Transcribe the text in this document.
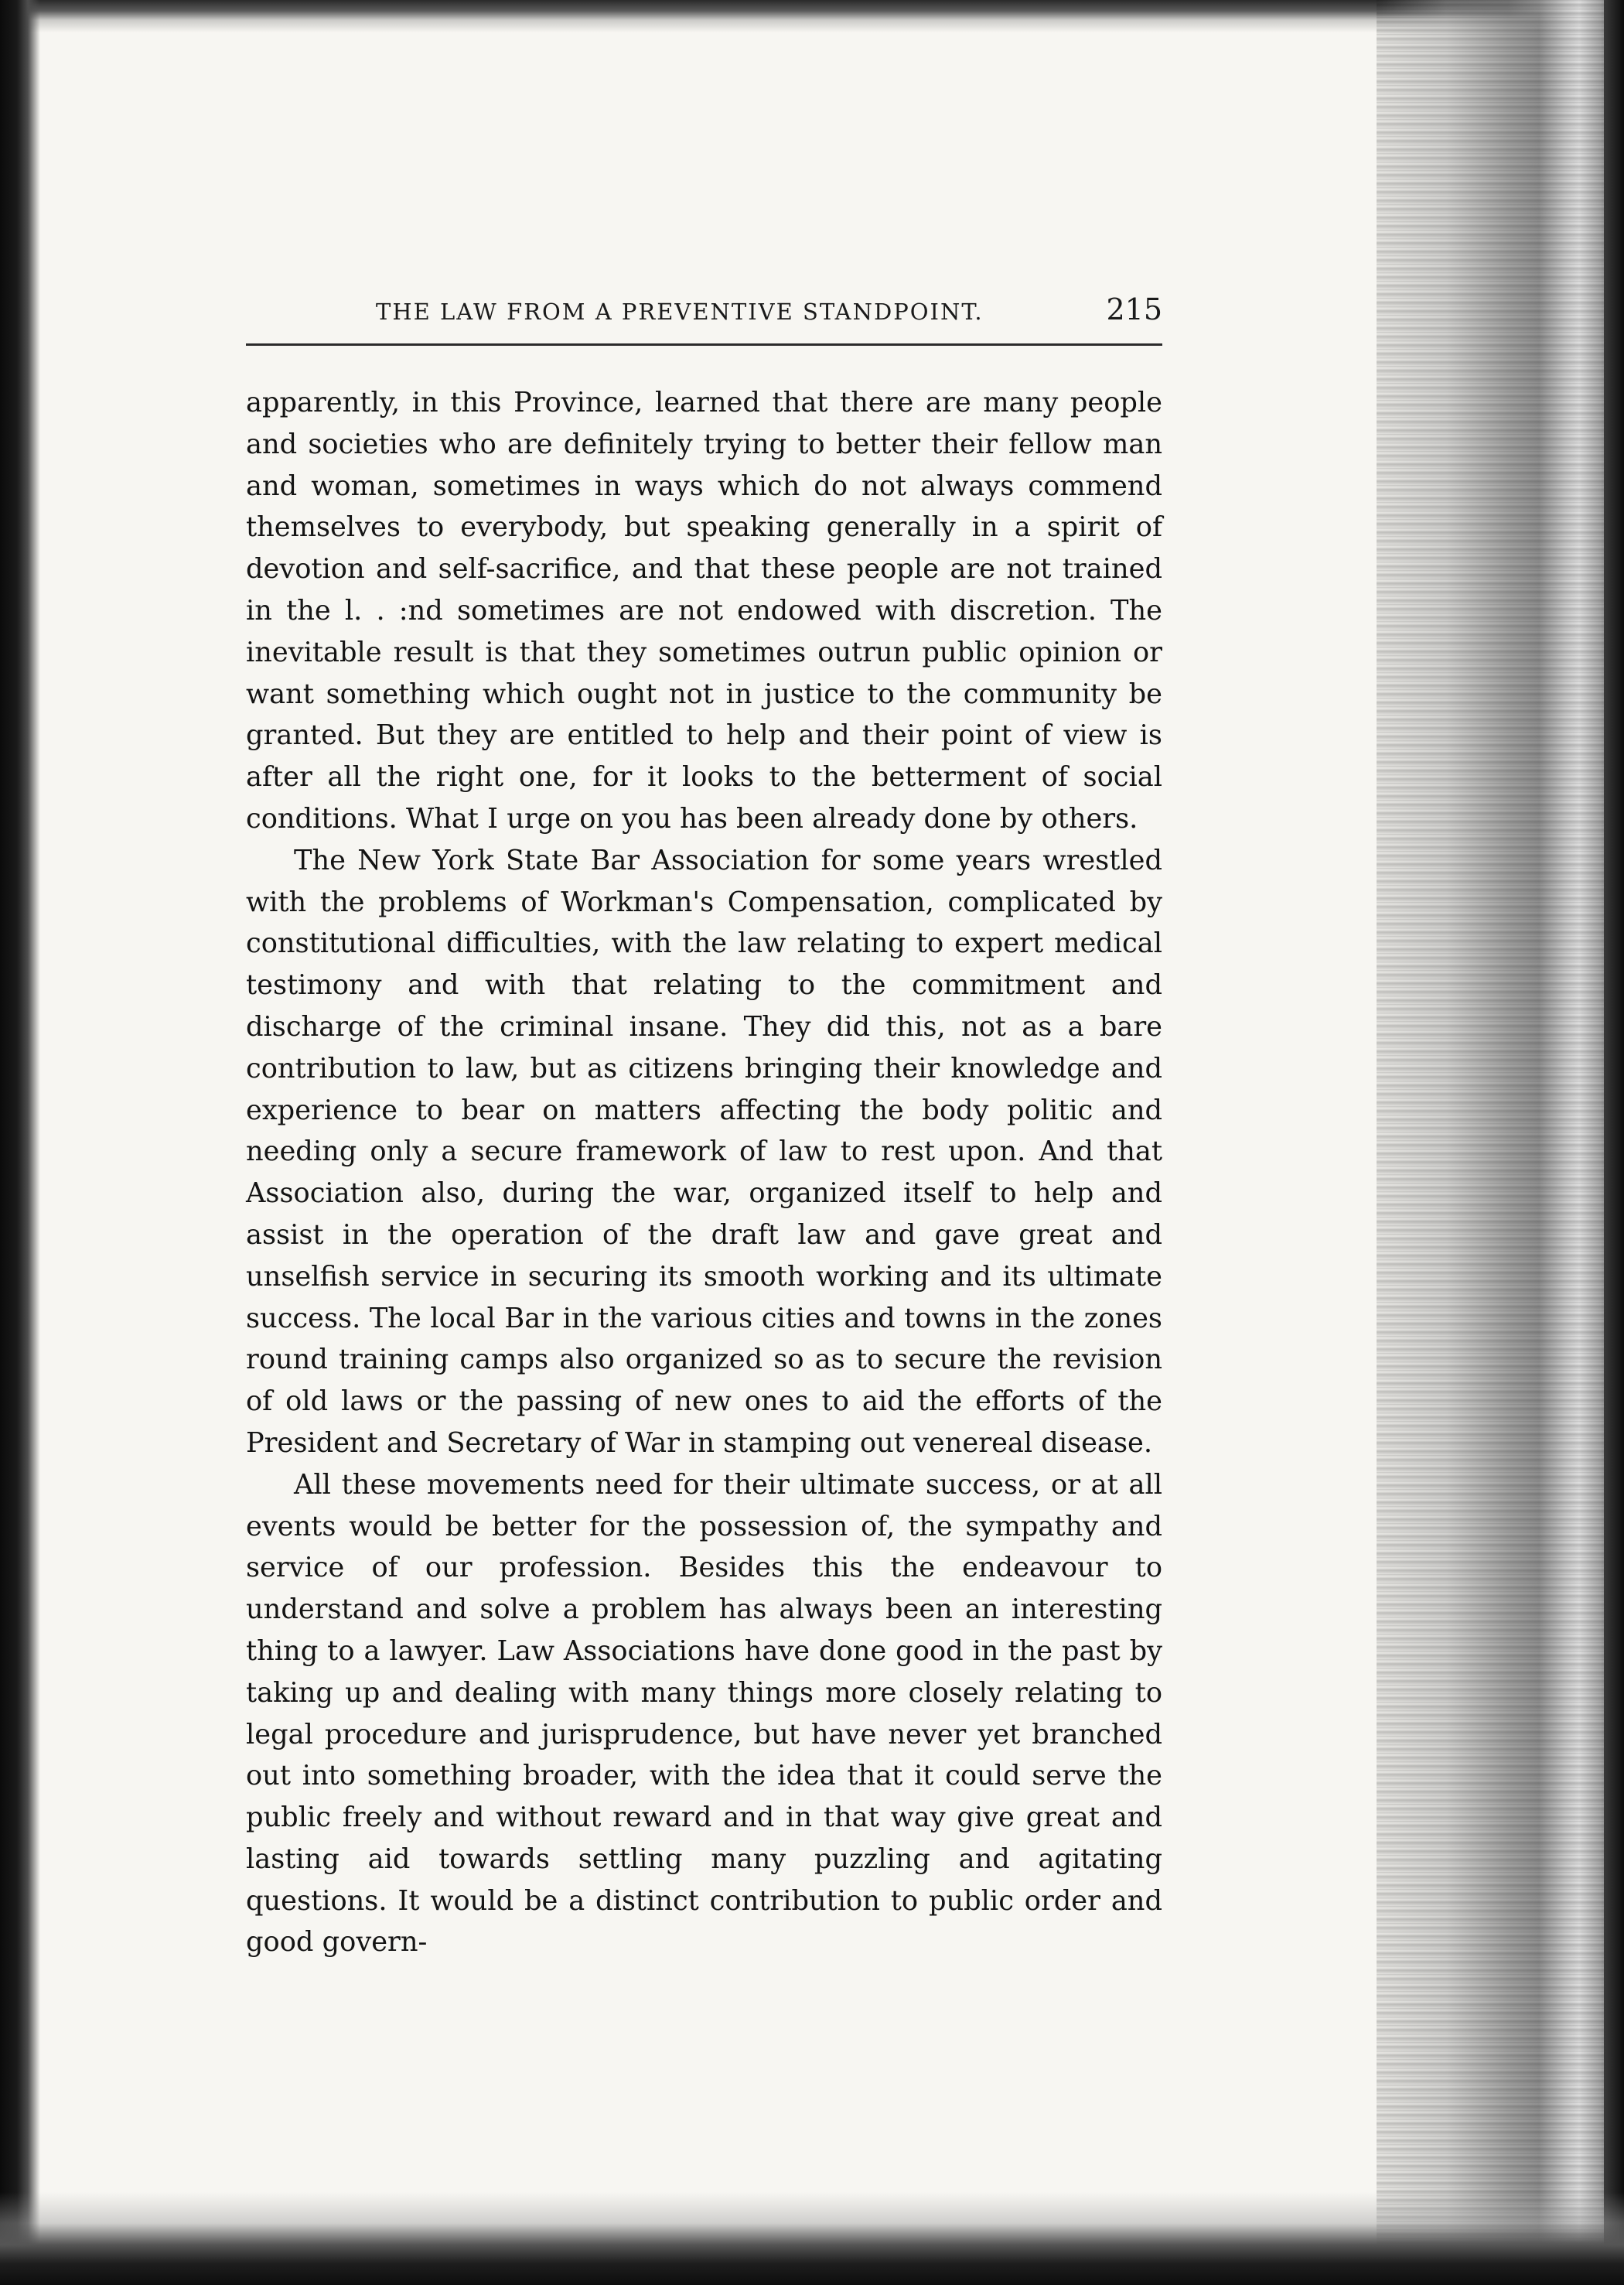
THE LAW FROM A PREVENTIVE STANDPOINT.	215

apparently, in this Province, learned that there are many people and societies who are definitely trying to better their fellow man and woman, sometimes in ways which do not always commend themselves to everybody, but speaking generally in a spirit of devotion and self-sacrifice, and that these people are not trained in the l. . :nd sometimes are not endowed with discretion. The inevitable result is that they sometimes outrun public opinion or want something which ought not in justice to the community be granted. But they are entitled to help and their point of view is after all the right one, for it looks to the betterment of social conditions. What I urge on you has been already done by others.

The New York State Bar Association for some years wrestled with the problems of Workman's Compensation, complicated by constitutional difficulties, with the law relating to expert medical testimony and with that relating to the commitment and discharge of the criminal insane. They did this, not as a bare contribution to law, but as citizens bringing their knowledge and experience to bear on matters affecting the body politic and needing only a secure framework of law to rest upon. And that Association also, during the war, organized itself to help and assist in the operation of the draft law and gave great and unselfish service in securing its smooth working and its ultimate success. The local Bar in the various cities and towns in the zones round training camps also organized so as to secure the revision of old laws or the passing of new ones to aid the efforts of the President and Secretary of War in stamping out venereal disease.

All these movements need for their ultimate success, or at all events would be better for the possession of, the sympathy and service of our profession. Besides this the endeavour to understand and solve a problem has always been an interesting thing to a lawyer. Law Associations have done good in the past by taking up and dealing with many things more closely relating to legal procedure and jurisprudence, but have never yet branched out into something broader, with the idea that it could serve the public freely and without reward and in that way give great and lasting aid towards settling many puzzling and agitating questions. It would be a distinct contribution to public order and good govern-
